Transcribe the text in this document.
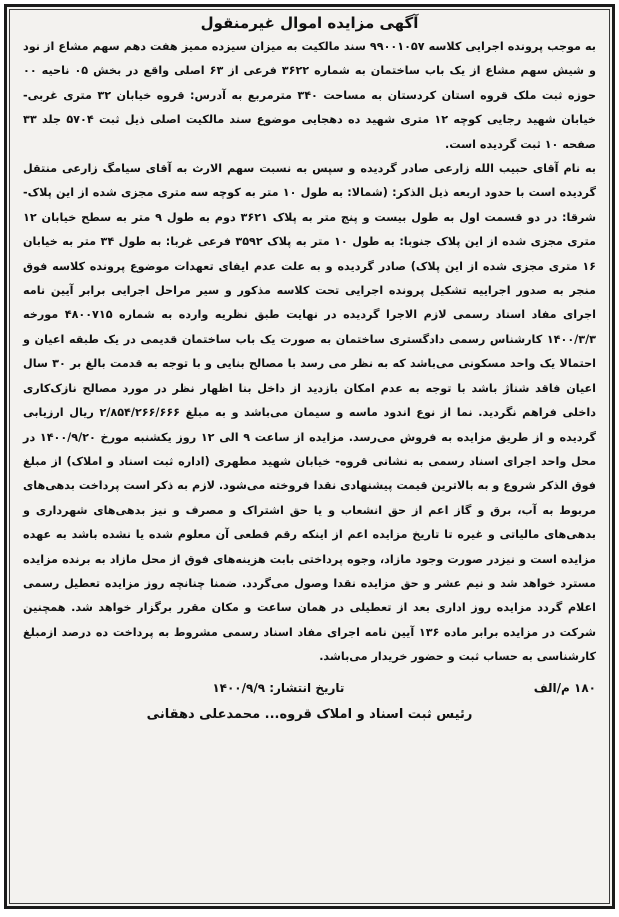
آگهی مزایده اموال غیرمنقول

به موجب پرونده اجرایی کلاسه ۹۹۰۰۱۰۵۷ سند مالکیت به میزان سیزده ممیز هفت دهم سهم مشاع از نود و شیش سهم مشاع از یک باب ساختمان به شماره ۳۶۲۲ فرعی از ۶۳ اصلی واقع در بخش ۰۵ ناحیه ۰۰ حوزه ثبت ملک قروه استان کردستان به مساحت ۳۴۰ مترمربع به آدرس: قروه خیابان ۳۲ متری غربی- خیابان شهید رجایی کوچه ۱۲ متری شهید ده دهجایی موضوع سند مالکیت اصلی ذیل ثبت ۵۷۰۴ جلد ۳۳ صفحه ۱۰ ثبت گردیده است.

به نام آقای حبیب الله زارعی صادر گردیده و سپس به نسبت سهم الارث به آقای سیامگ زارعی منتقل گردیده است با حدود اربعه ذیل الذکر: (شمالا: به طول ۱۰ متر به کوچه سه متری مجزی شده از این پلاک-شرقا: در دو قسمت اول به طول بیست و پنج متر به پلاک ۳۶۲۱ دوم به طول ۹ متر به سطح خیابان ۱۲ متری مجزی شده از این پلاک جنوبا: به طول ۱۰ متر به پلاک ۳۵۹۲ فرعی غربا: به طول ۳۴ متر به خیابان ۱۶ متری مجزی شده از این پلاک) صادر گردیده و به علت عدم ایفای تعهدات موضوع پرونده کلاسه فوق منجر به صدور اجراییه تشکیل پرونده اجرایی تحت کلاسه مذکور و سیر مراحل اجرایی برابر آیین نامه اجرای مفاد اسناد رسمی لازم الاجرا گردیده در نهایت طبق نظریه وارده به شماره ۴۸۰۰۷۱۵ مورخه ۱۴۰۰/۳/۳ کارشناس رسمی دادگستری ساختمان به صورت یک باب ساختمان قدیمی در یک طبقه اعیان و احتمالا یک واحد مسکونی می‌باشد که به نظر می رسد با مصالح بنایی و با توجه به قدمت بالغ بر ۳۰ سال اعیان فاقد شناژ باشد با توجه به عدم امکان بازدید از داخل بنا اظهار نظر در مورد مصالح نازک‌کاری داخلی فراهم نگردید. نما از نوع اندود ماسه و سیمان می‌باشد و به مبلغ ۲/۸۵۴/۲۶۶/۶۶۶ ریال ارزیابی گردیده و از طریق مزایده به فروش می‌رسد. مزایده از ساعت ۹ الی ۱۲ روز یکشنبه مورخ ۱۴۰۰/۹/۲۰ در محل واحد اجرای اسناد رسمی به نشانی قروه- خیابان شهید مطهری (اداره ثبت اسناد و املاک) از مبلغ فوق الذکر شروع و به بالاترین قیمت پیشنهادی نقدا فروخته می‌شود. لازم به ذکر است پرداخت بدهی‌های مربوط به آب، برق و گاز اعم از حق انشعاب و یا حق اشتراک و مصرف و نیز بدهی‌های شهرداری و بدهی‌های مالیاتی و غیره تا تاریخ مزایده اعم از اینکه رقم قطعی آن معلوم شده یا نشده باشد به عهده مزایده است و نیزدر صورت وجود مازاد، وجوه پرداختی بابت هزینه‌های فوق از محل مازاد به برنده مزایده مسترد خواهد شد و نیم عشر و حق مزایده نقدا وصول می‌گردد. ضمنا چنانچه روز مزایده تعطیل رسمی اعلام گردد مزایده روز اداری بعد از تعطیلی در همان ساعت و مکان مقرر برگزار خواهد شد. همچنین شرکت در مزایده برابر ماده ۱۳۶ آیین نامه اجرای مفاد اسناد رسمی مشروط به پرداخت ده درصد ازمبلغ کارشناسی به حساب ثبت و حضور خریدار می‌باشد.

۱۸۰ م/الف
تاریخ انتشار: ۱۴۰۰/۹/۹
رئیس ثبت اسناد و املاک قروه... محمدعلی دهقانی
